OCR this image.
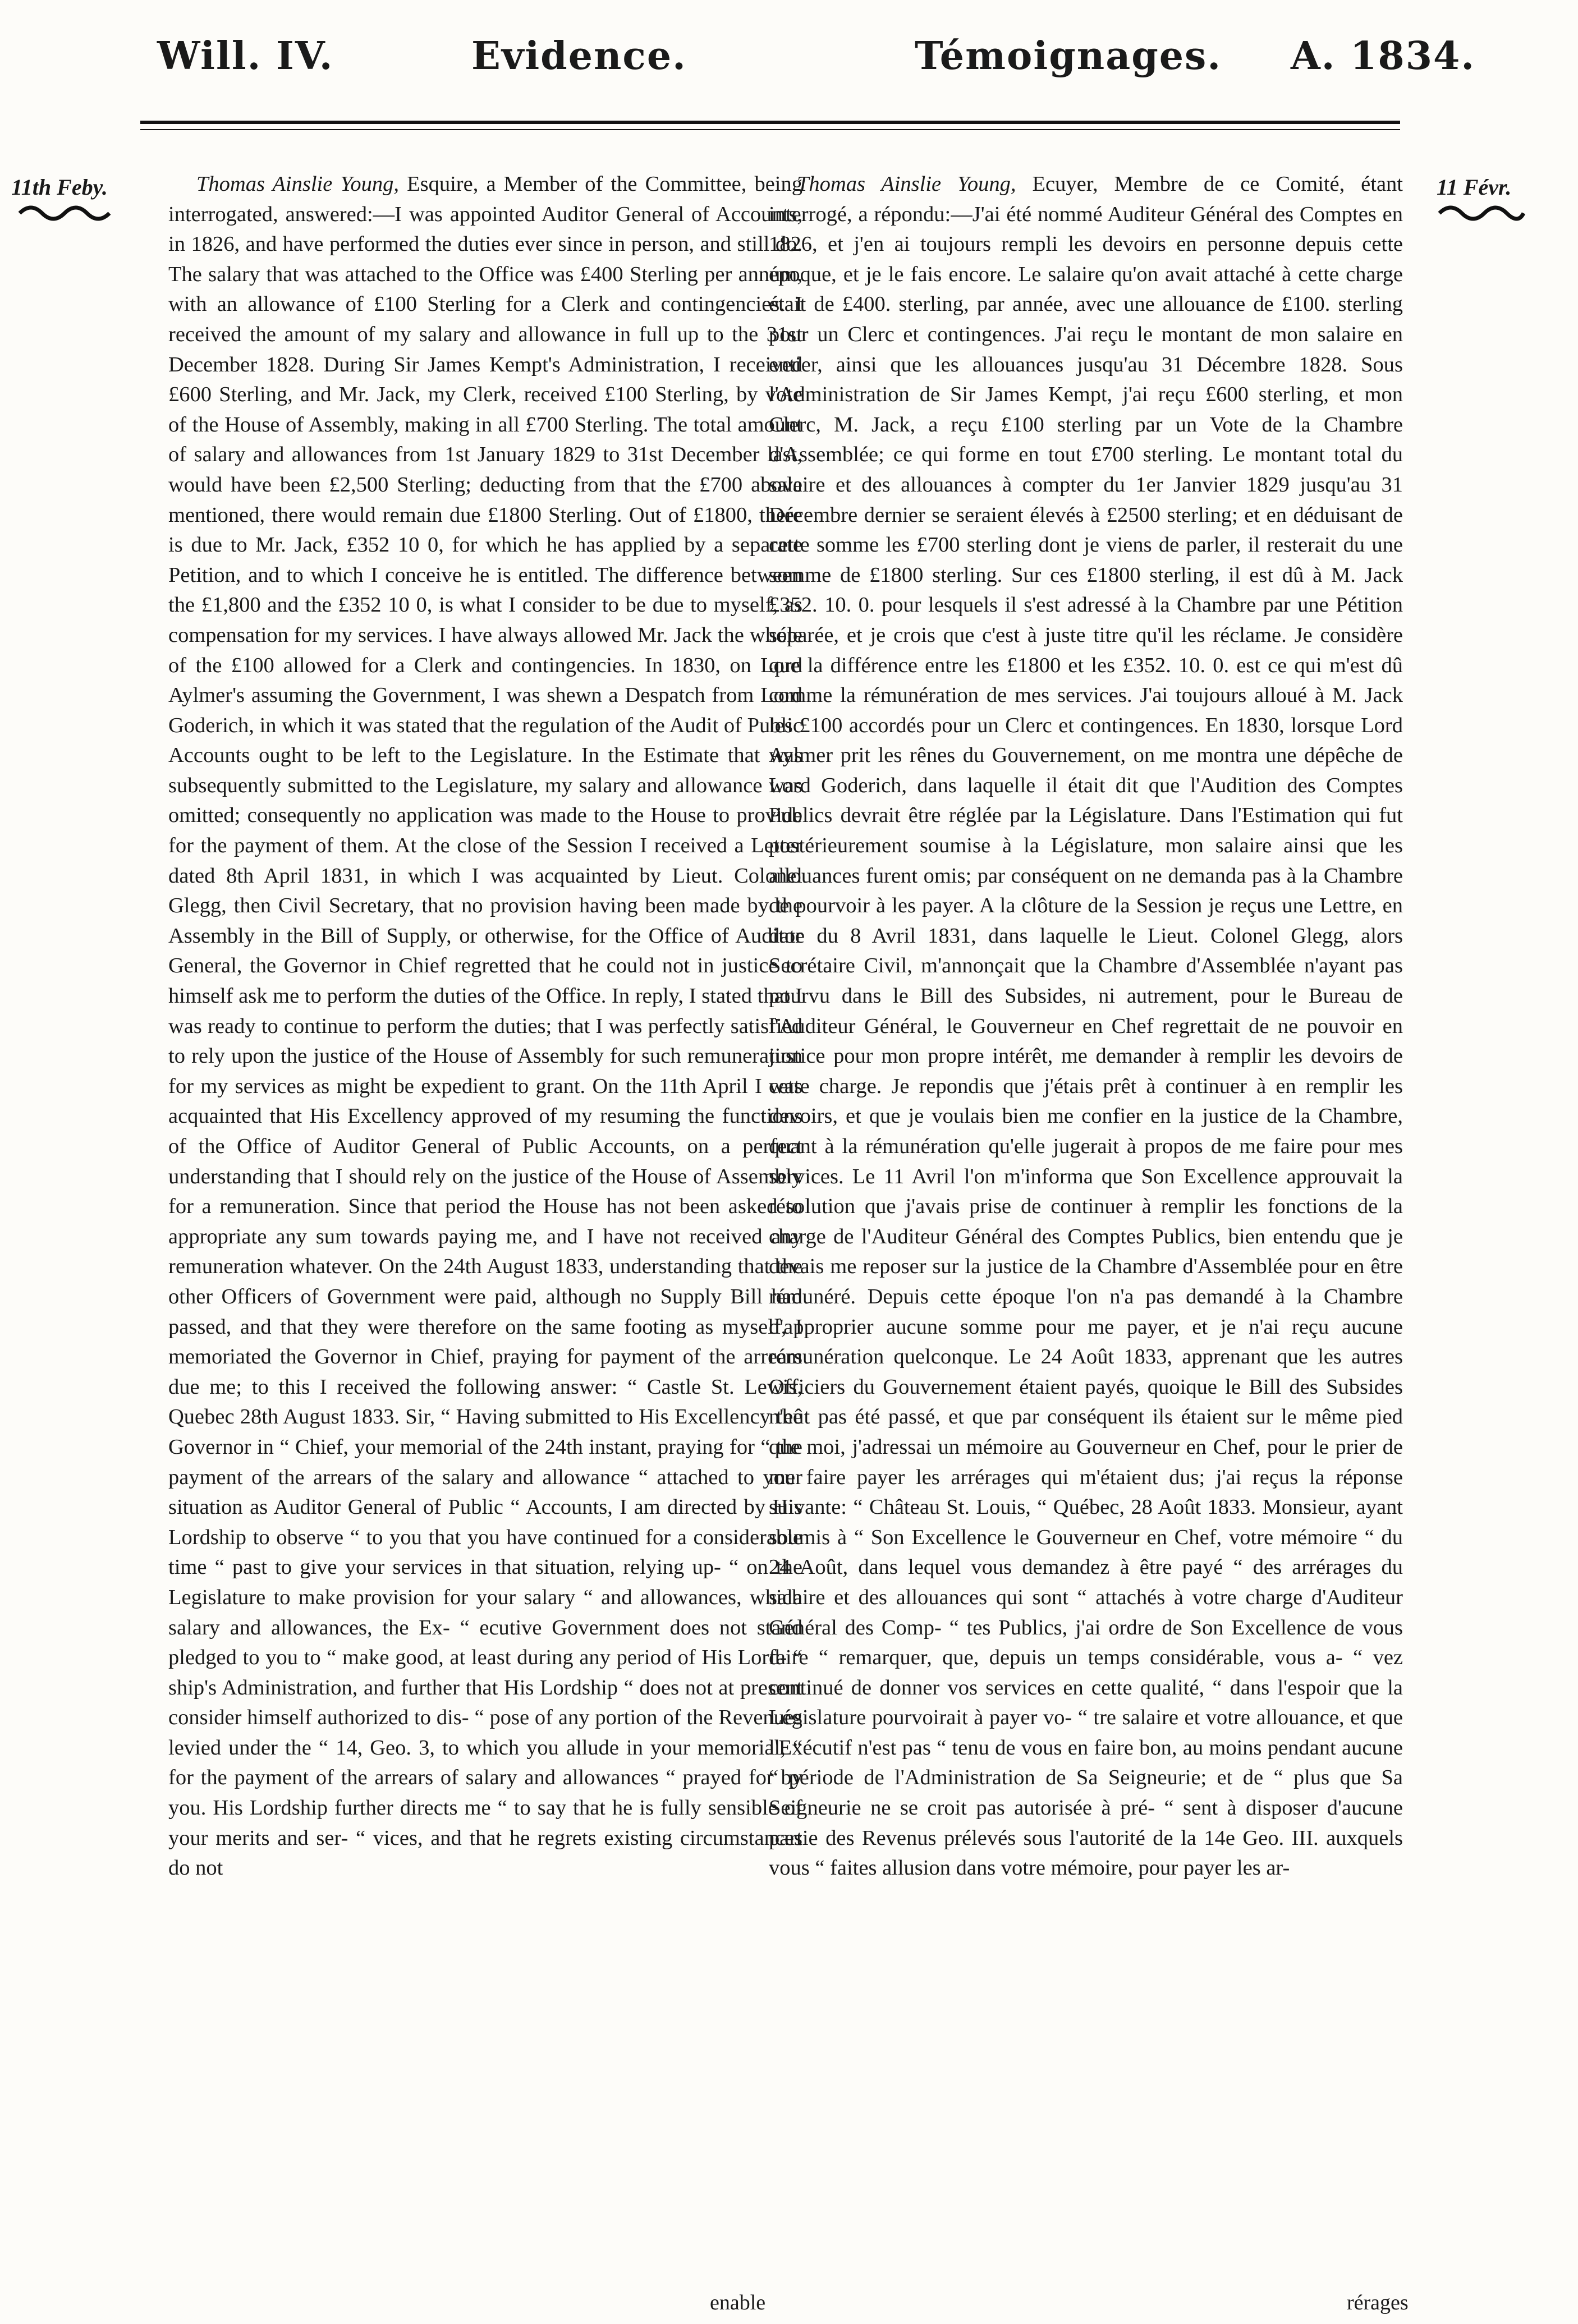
Will. IV.	Evidence.	Témoignages. A. 1834.
11th Feby.	11 Févr.

Thomas Ainslie Young, Esquire, a Member of the Committee, being interrogated, answered:—I was appointed Auditor General of Accounts, in 1826, and have performed the duties ever since in person, and still do. The salary that was attached to the Office was £400 Sterling per annum, with an allowance of £100 Sterling for a Clerk and contingencies. I received the amount of my salary and allowance in full up to the 31st December 1828. During Sir James Kempt's Administration, I received £600 Sterling, and Mr. Jack, my Clerk, received £100 Sterling, by vote of the House of Assembly, making in all £700 Sterling. The total amount of salary and allowances from 1st January 1829 to 31st December last, would have been £2,500 Sterling; deducting from that the £700 above mentioned, there would remain due £1800 Sterling. Out of £1800, there is due to Mr. Jack, £352 10 0, for which he has applied by a separate Petition, and to which I conceive he is entitled. The difference between the £1,800 and the £352 10 0, is what I consider to be due to myself, as compensation for my services. I have always allowed Mr. Jack the whole of the £100 allowed for a Clerk and contingencies. In 1830, on Lord Aylmer's assuming the Government, I was shewn a Despatch from Lord Goderich, in which it was stated that the regulation of the Audit of Public Accounts ought to be left to the Legislature. In the Estimate that was subsequently submitted to the Legislature, my salary and allowance was omitted; consequently no application was made to the House to provide for the payment of them. At the close of the Session I received a Letter dated 8th April 1831, in which I was acquainted by Lieut. Colonel Glegg, then Civil Secretary, that no provision having been made by the Assembly in the Bill of Supply, or otherwise, for the Office of Auditor General, the Governor in Chief regretted that he could not in justice to himself ask me to perform the duties of the Office. In reply, I stated that I was ready to continue to perform the duties; that I was perfectly satisfied to rely upon the justice of the House of Assembly for such remuneration for my services as might be expedient to grant. On the 11th April I was acquainted that His Excellency approved of my resuming the functions of the Office of Auditor General of Public Accounts, on a perfect understanding that I should rely on the justice of the House of Assembly for a remuneration. Since that period the House has not been asked to appropriate any sum towards paying me, and I have not received any remuneration whatever. On the 24th August 1833, understanding that the other Officers of Government were paid, although no Supply Bill had passed, and that they were therefore on the same footing as myself, I memoriated the Governor in Chief, praying for payment of the arrears due me; to this I received the following answer: “ Castle St. Lewis, Quebec 28th August 1833. Sir, “ Having submitted to His Excellency the Governor in “ Chief, your memorial of the 24th instant, praying for “ the payment of the arrears of the salary and allowance “ attached to your situation as Auditor General of Public “ Accounts, I am directed by His Lordship to observe “ to you that you have continued for a considerable time “ past to give your services in that situation, relying up- “ on the Legislature to make provision for your salary “ and allowances, which salary and allowances, the Ex- “ ecutive Government does not stand pledged to you to “ make good, at least during any period of His Lord- “ ship's Administration, and further that His Lordship “ does not at present consider himself authorized to dis- “ pose of any portion of the Revenues levied under the “ 14, Geo. 3, to which you allude in your memorial, “ for the payment of the arrears of salary and allowances “ prayed for by you. His Lordship further directs me “ to say that he is fully sensible of your merits and ser- “ vices, and that he regrets existing circumstances do not

enable

Thomas Ainslie Young, Ecuyer, Membre de ce Comité, étant interrogé, a répondu:—J'ai été nommé Auditeur Général des Comptes en 1826, et j'en ai toujours rempli les devoirs en personne depuis cette époque, et je le fais encore. Le salaire qu'on avait attaché à cette charge était de £400. sterling, par année, avec une allouance de £100. sterling pour un Clerc et contingences. J'ai reçu le montant de mon salaire en entier, ainsi que les allouances jusqu'au 31 Décembre 1828. Sous l'Administration de Sir James Kempt, j'ai reçu £600 sterling, et mon Clerc, M. Jack, a reçu £100 sterling par un Vote de la Chambre d'Assemblée; ce qui forme en tout £700 sterling. Le montant total du salaire et des allouances à compter du 1er Janvier 1829 jusqu'au 31 Décembre dernier se seraient élevés à £2500 sterling; et en déduisant de cette somme les £700 sterling dont je viens de parler, il resterait du une somme de £1800 sterling. Sur ces £1800 sterling, il est dû à M. Jack £352. 10. 0. pour lesquels il s'est adressé à la Chambre par une Pétition séparée, et je crois que c'est à juste titre qu'il les réclame. Je considère que la différence entre les £1800 et les £352. 10. 0. est ce qui m'est dû comme la rémunération de mes services. J'ai toujours alloué à M. Jack les £100 accordés pour un Clerc et contingences. En 1830, lorsque Lord Aylmer prit les rênes du Gouvernement, on me montra une dépêche de Lord Goderich, dans laquelle il était dit que l'Audition des Comptes Publics devrait être réglée par la Législature. Dans l'Estimation qui fut postérieurement soumise à la Législature, mon salaire ainsi que les allouances furent omis; par conséquent on ne demanda pas à la Chambre de pourvoir à les payer. A la clôture de la Session je reçus une Lettre, en date du 8 Avril 1831, dans laquelle le Lieut. Colonel Glegg, alors Secrétaire Civil, m'annonçait que la Chambre d'Assemblée n'ayant pas pourvu dans le Bill des Subsides, ni autrement, pour le Bureau de l'Auditeur Général, le Gouverneur en Chef regrettait de ne pouvoir en justice pour mon propre intérêt, me demander à remplir les devoirs de cette charge. Je repondis que j'étais prêt à continuer à en remplir les devoirs, et que je voulais bien me confier en la justice de la Chambre, quant à la rémunération qu'elle jugerait à propos de me faire pour mes services. Le 11 Avril l'on m'informa que Son Excellence approuvait la résolution que j'avais prise de continuer à remplir les fonctions de la charge de l'Auditeur Général des Comptes Publics, bien entendu que je devais me reposer sur la justice de la Chambre d'Assemblée pour en être rémunéré. Depuis cette époque l'on n'a pas demandé à la Chambre d'approprier aucune somme pour me payer, et je n'ai reçu aucune rémunération quelconque. Le 24 Août 1833, apprenant que les autres Officiers du Gouvernement étaient payés, quoique le Bill des Subsides n'eût pas été passé, et que par conséquent ils étaient sur le même pied que moi, j'adressai un mémoire au Gouverneur en Chef, pour le prier de me faire payer les arrérages qui m'étaient dus; j'ai reçus la réponse suivante: “ Château St. Louis, “ Québec, 28 Août 1833. Monsieur, ayant soumis à “ Son Excellence le Gouverneur en Chef, votre mémoire “ du 24 Août, dans lequel vous demandez à être payé “ des arrérages du salaire et des allouances qui sont “ attachés à votre charge d'Auditeur Général des Comp- “ tes Publics, j'ai ordre de Son Excellence de vous faire “ remarquer, que, depuis un temps considérable, vous a- “ vez continué de donner vos services en cette qualité, “ dans l'espoir que la Législature pourvoirait à payer vo- “ tre salaire et votre allouance, et que l'Exécutif n'est pas “ tenu de vous en faire bon, au moins pendant aucune “ période de l'Administration de Sa Seigneurie; et de “ plus que Sa Seigneurie ne se croit pas autorisée à pré- “ sent à disposer d'aucune partie des Revenus prélevés sous l'autorité de la 14e Geo. III. auxquels vous “ faites allusion dans votre mémoire, pour payer les ar-

rérages
